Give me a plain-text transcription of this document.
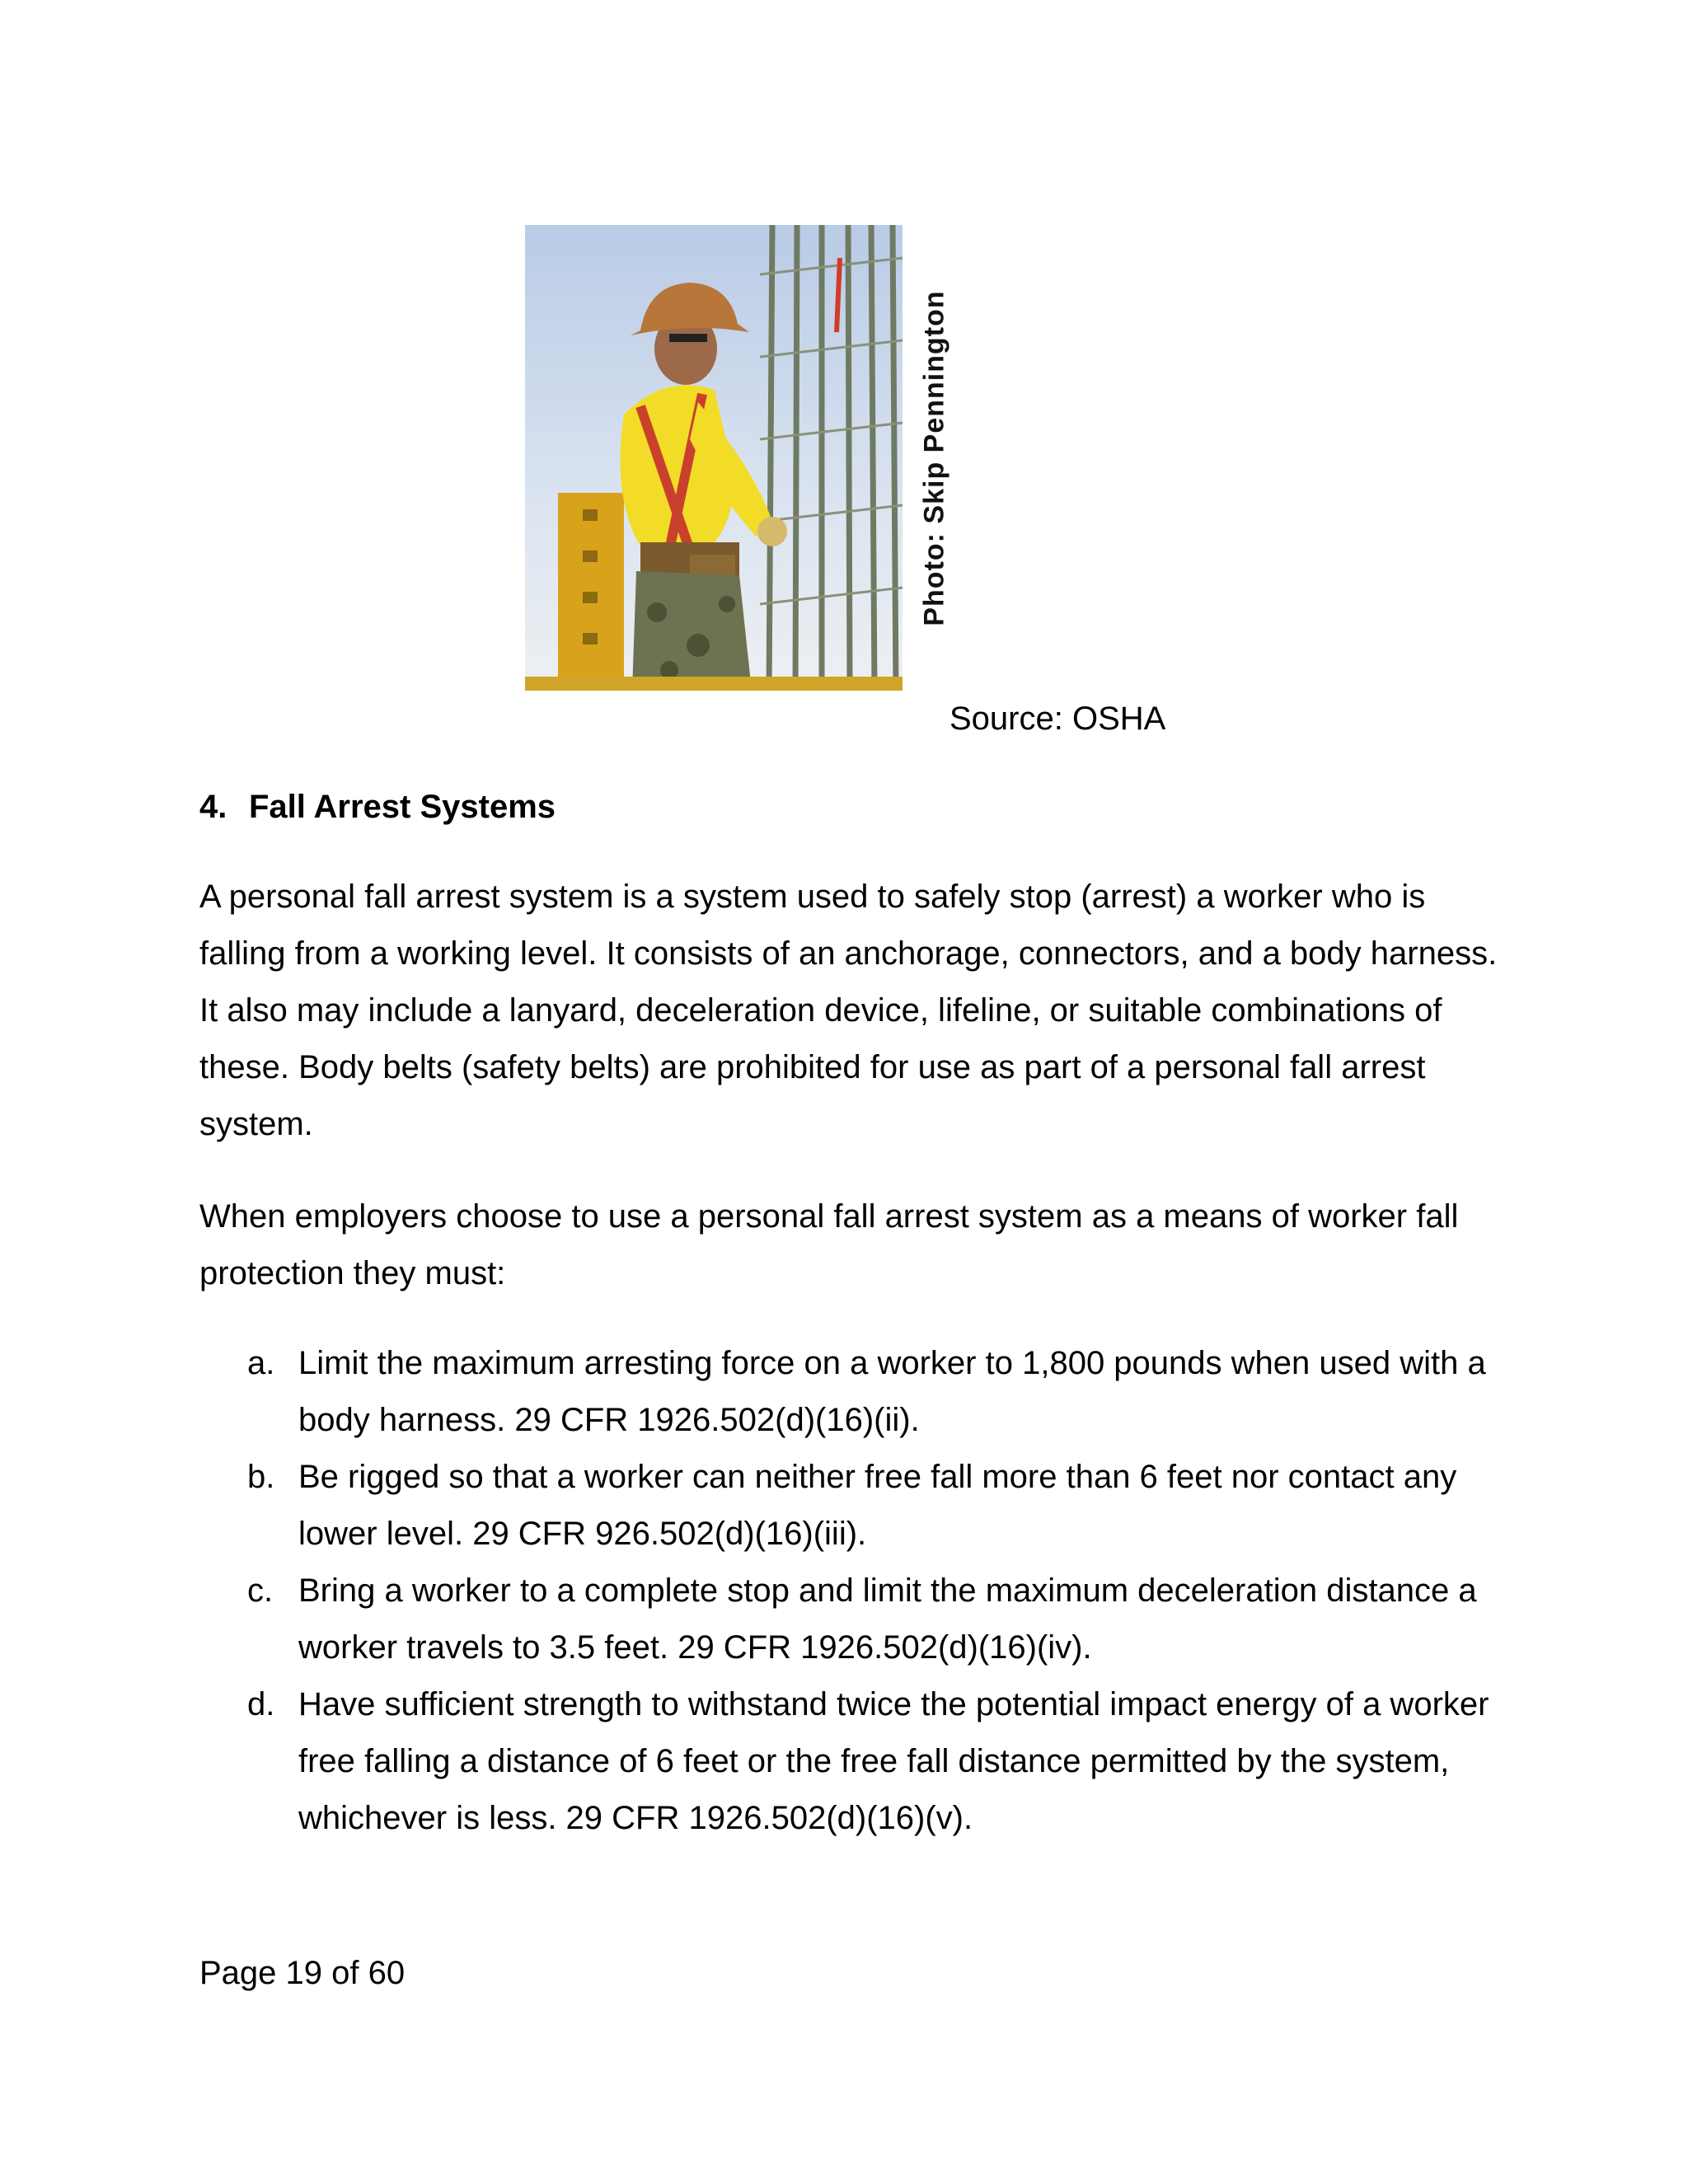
Photo: Skip Pennington
Source: OSHA
4. Fall Arrest Systems

A personal fall arrest system is a system used to safely stop (arrest) a worker who is falling from a working level. It consists of an anchorage, connectors, and a body harness. It also may include a lanyard, deceleration device, lifeline, or suitable combinations of these. Body belts (safety belts) are prohibited for use as part of a personal fall arrest system.

When employers choose to use a personal fall arrest system as a means of worker fall protection they must:

a. Limit the maximum arresting force on a worker to 1,800 pounds when used with a body harness. 29 CFR 1926.502(d)(16)(ii).
b. Be rigged so that a worker can neither free fall more than 6 feet nor contact any lower level. 29 CFR 926.502(d)(16)(iii).
c. Bring a worker to a complete stop and limit the maximum deceleration distance a worker travels to 3.5 feet. 29 CFR 1926.502(d)(16)(iv).
d. Have sufficient strength to withstand twice the potential impact energy of a worker free falling a distance of 6 feet or the free fall distance permitted by the system, whichever is less. 29 CFR 1926.502(d)(16)(v).
Page 19 of 60
